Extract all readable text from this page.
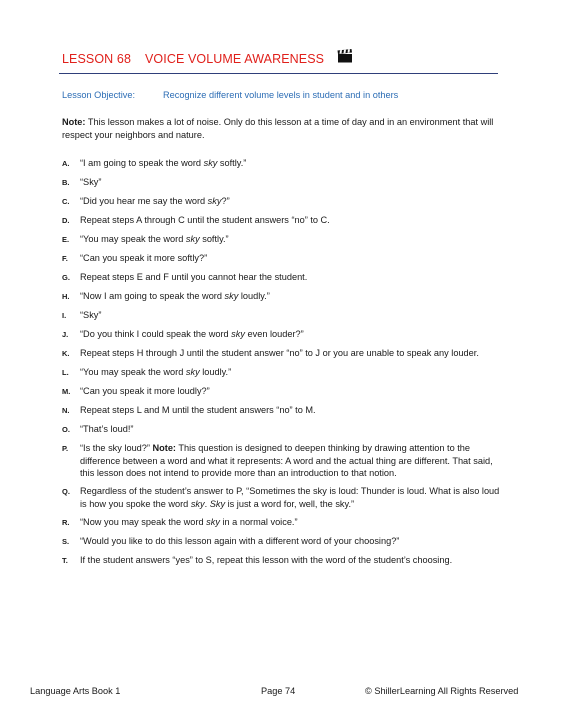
LESSON 68 VOICE VOLUME AWARENESS
Lesson Objective:	Recognize different volume levels in student and in others
Note: This lesson makes a lot of noise. Only do this lesson at a time of day and in an environment that will respect your neighbors and nature.
A.	“I am going to speak the word sky softly.”
B.	“Sky”
C.	“Did you hear me say the word sky?”
D.	Repeat steps A through C until the student answers “no” to C.
E.	“You may speak the word sky softly.”
F.	“Can you speak it more softly?”
G.	Repeat steps E and F until you cannot hear the student.
H.	“Now I am going to speak the word sky loudly.”
I.	“Sky”
J.	“Do you think I could speak the word sky even louder?”
K.	Repeat steps H through J until the student answer “no” to J or you are unable to speak any louder.
L.	“You may speak the word sky loudly.”
M.	“Can you speak it more loudly?”
N.	Repeat steps L and M until the student answers “no” to M.
O.	“That’s loud!”
P.	“Is the sky loud?” Note: This question is designed to deepen thinking by drawing attention to the difference between a word and what it represents: A word and the actual thing are different. That said, this lesson does not intend to provide more than an introduction to that notion.
Q.	Regardless of the student’s answer to P, “Sometimes the sky is loud: Thunder is loud. What is also loud is how you spoke the word sky. Sky is just a word for, well, the sky.”
R.	“Now you may speak the word sky in a normal voice.”
S.	“Would you like to do this lesson again with a different word of your choosing?”
T.	If the student answers “yes” to S, repeat this lesson with the word of the student’s choosing.
Language Arts Book 1	Page 74	© ShillerLearning All Rights Reserved
